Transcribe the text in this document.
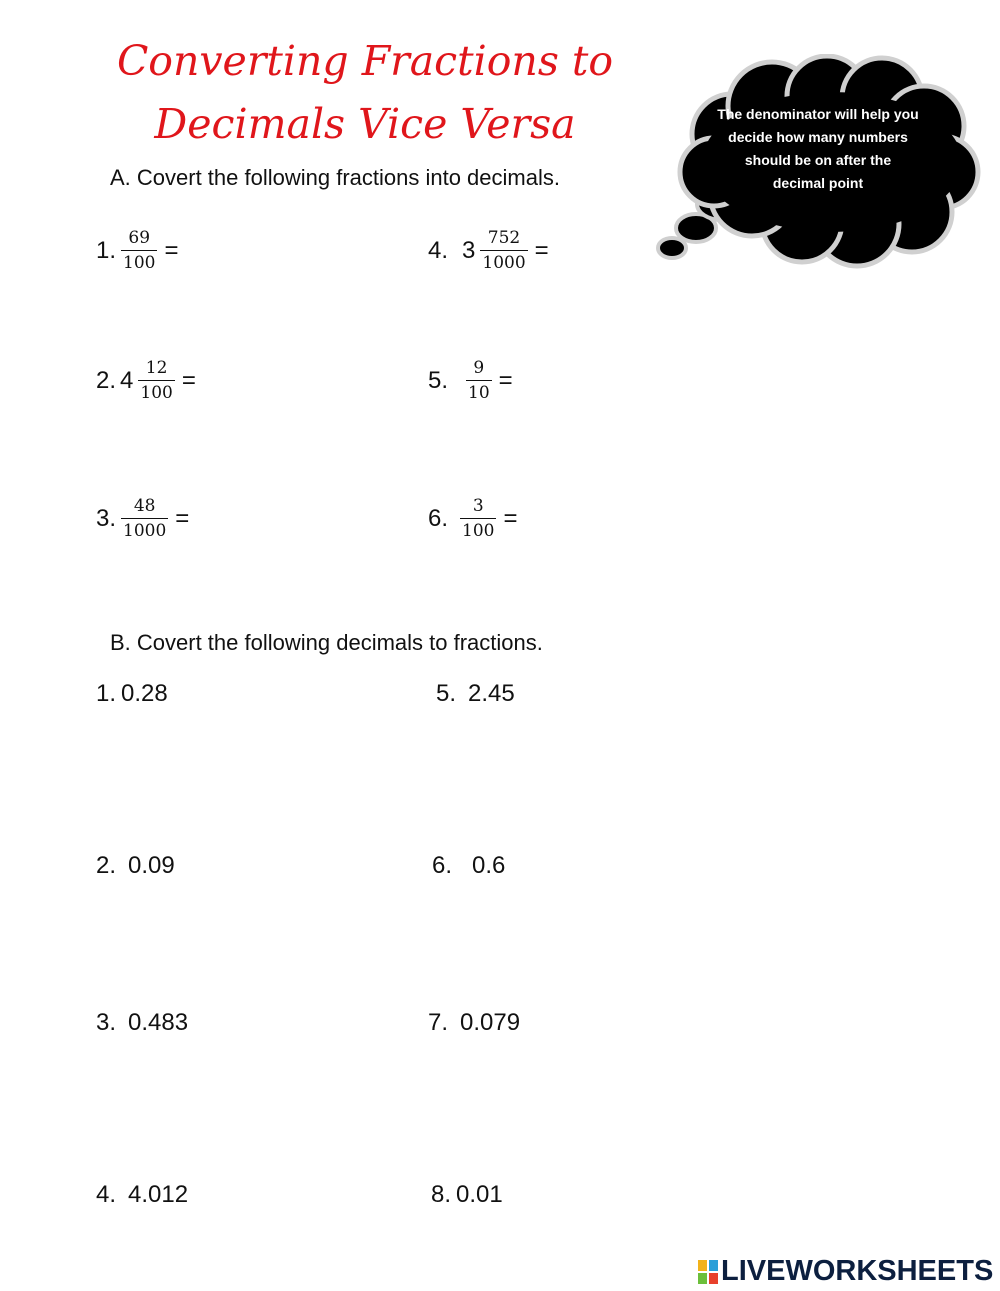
Converting Fractions to
Decimals Vice Versa	The denominator will help you
decide how many numbers
should be on after the
decimal point
A. Covert the following fractions into decimals.
1. $\frac{69}{100}$ =
2. $4 \frac{12}{100}$ =
3. $\frac{48}{1000}$ =
4. $3 \frac{752}{1000}$ =
5. $\frac{9}{10}$ =
6. $\frac{3}{100}$ =
B. Covert the following decimals to fractions.
1. 0.28
2. 0.09
3. 0.483
4. 4.012
5. 2.45
6. 0.6
7. 0.079
8. 0.01
LIVEWORKSHEETS
